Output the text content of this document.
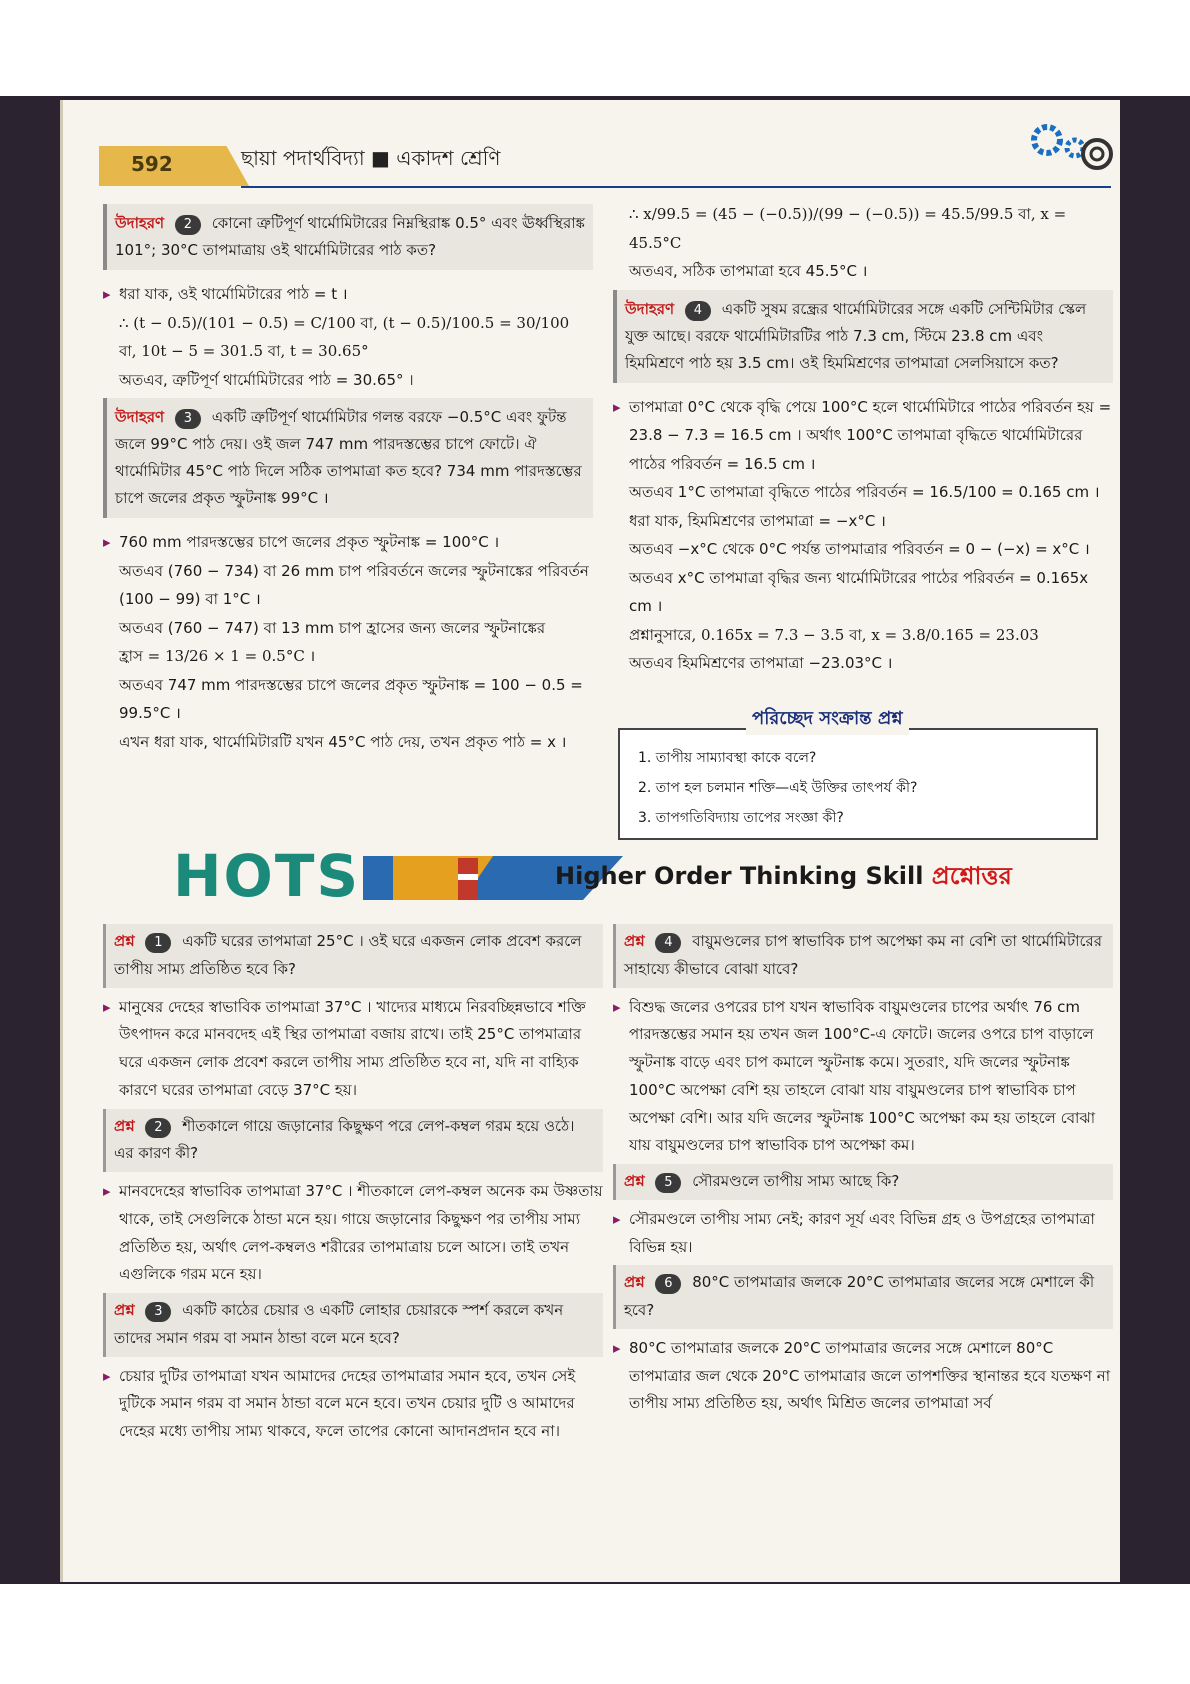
592	ছায়া পদার্থবিদ্যা ■ একাদশ শ্রেণি
উদাহরণ 2 কোনো ত্রুটিপূর্ণ থার্মোমিটারের নিম্নস্থিরাঙ্ক 0.5° এবং ঊর্ধ্বস্থিরাঙ্ক 101°; 30°C তাপমাত্রায় ওই থার্মোমিটারের পাঠ কত?
▸ ধরা যাক, ওই থার্মোমিটারের পাঠ = t ।
∴ (t − 0.5)/(101 − 0.5) = C/100 বা, (t − 0.5)/100.5 = 30/100
বা, 10t − 5 = 301.5 বা, t = 30.65°
অতএব, ত্রুটিপূর্ণ থার্মোমিটারের পাঠ = 30.65° ।
উদাহরণ 3 একটি ত্রুটিপূর্ণ থার্মোমিটার গলন্ত বরফে −0.5°C এবং ফুটন্ত জলে 99°C পাঠ দেয়। ওই জল 747 mm পারদস্তম্ভের চাপে ফোটে। ঐ থার্মোমিটার 45°C পাঠ দিলে সঠিক তাপমাত্রা কত হবে? 734 mm পারদস্তম্ভের চাপে জলের প্রকৃত স্ফুটনাঙ্ক 99°C ।
▸ 760 mm পারদস্তম্ভের চাপে জলের প্রকৃত স্ফুটনাঙ্ক = 100°C ।
অতএব (760 − 734) বা 26 mm চাপ পরিবর্তনে জলের স্ফুটনাঙ্কের পরিবর্তন (100 − 99) বা 1°C ।
অতএব (760 − 747) বা 13 mm চাপ হ্রাসের জন্য জলের স্ফুটনাঙ্কের
হ্রাস = 13/26 × 1 = 0.5°C ।
অতএব 747 mm পারদস্তম্ভের চাপে জলের প্রকৃত স্ফুটনাঙ্ক = 100 − 0.5 = 99.5°C ।
এখন ধরা যাক, থার্মোমিটারটি যখন 45°C পাঠ দেয়, তখন প্রকৃত পাঠ = x ।
∴ x/99.5 = (45 − (−0.5))/(99 − (−0.5)) = 45.5/99.5 বা, x = 45.5°C
অতএব, সঠিক তাপমাত্রা হবে 45.5°C ।
উদাহরণ 4 একটি সুষম রন্ধ্রের থার্মোমিটারের সঙ্গে একটি সেন্টিমিটার স্কেল যুক্ত আছে। বরফে থার্মোমিটারটির পাঠ 7.3 cm, স্টিমে 23.8 cm এবং হিমমিশ্রণে পাঠ হয় 3.5 cm। ওই হিমমিশ্রণের তাপমাত্রা সেলসিয়াসে কত?
▸ তাপমাত্রা 0°C থেকে বৃদ্ধি পেয়ে 100°C হলে থার্মোমিটারে পাঠের পরিবর্তন হয় = 23.8 − 7.3 = 16.5 cm । অর্থাৎ 100°C তাপমাত্রা বৃদ্ধিতে থার্মোমিটারের পাঠের পরিবর্তন = 16.5 cm ।
অতএব 1°C তাপমাত্রা বৃদ্ধিতে পাঠের পরিবর্তন = 16.5/100 = 0.165 cm ।
ধরা যাক, হিমমিশ্রণের তাপমাত্রা = −x°C ।
অতএব −x°C থেকে 0°C পর্যন্ত তাপমাত্রার পরিবর্তন = 0 − (−x) = x°C ।
অতএব x°C তাপমাত্রা বৃদ্ধির জন্য থার্মোমিটারের পাঠের পরিবর্তন = 0.165x cm ।
প্রশ্নানুসারে, 0.165x = 7.3 − 3.5 বা, x = 3.8/0.165 = 23.03
অতএব হিমমিশ্রণের তাপমাত্রা −23.03°C ।
পরিচ্ছেদ সংক্রান্ত প্রশ্ন
1. তাপীয় সাম্যাবস্থা কাকে বলে?
2. তাপ হল চলমান শক্তি—এই উক্তির তাৎপর্য কী?
3. তাপগতিবিদ্যায় তাপের সংজ্ঞা কী?
HOTS	Higher Order Thinking Skill প্রশ্নোত্তর
প্রশ্ন 1 একটি ঘরের তাপমাত্রা 25°C । ওই ঘরে একজন লোক প্রবেশ করলে তাপীয় সাম্য প্রতিষ্ঠিত হবে কি?
▸ মানুষের দেহের স্বাভাবিক তাপমাত্রা 37°C । খাদ্যের মাধ্যমে নিরবচ্ছিন্নভাবে শক্তি উৎপাদন করে মানবদেহ এই স্থির তাপমাত্রা বজায় রাখে। তাই 25°C তাপমাত্রার ঘরে একজন লোক প্রবেশ করলে তাপীয় সাম্য প্রতিষ্ঠিত হবে না, যদি না বাহ্যিক কারণে ঘরের তাপমাত্রা বেড়ে 37°C হয়।
প্রশ্ন 2 শীতকালে গায়ে জড়ানোর কিছুক্ষণ পরে লেপ-কম্বল গরম হয়ে ওঠে। এর কারণ কী?
▸ মানবদেহের স্বাভাবিক তাপমাত্রা 37°C । শীতকালে লেপ-কম্বল অনেক কম উষ্ণতায় থাকে, তাই সেগুলিকে ঠান্ডা মনে হয়। গায়ে জড়ানোর কিছুক্ষণ পর তাপীয় সাম্য প্রতিষ্ঠিত হয়, অর্থাৎ লেপ-কম্বলও শরীরের তাপমাত্রায় চলে আসে। তাই তখন এগুলিকে গরম মনে হয়।
প্রশ্ন 3 একটি কাঠের চেয়ার ও একটি লোহার চেয়ারকে স্পর্শ করলে কখন তাদের সমান গরম বা সমান ঠান্ডা বলে মনে হবে?
▸ চেয়ার দুটির তাপমাত্রা যখন আমাদের দেহের তাপমাত্রার সমান হবে, তখন সেই দুটিকে সমান গরম বা সমান ঠান্ডা বলে মনে হবে। তখন চেয়ার দুটি ও আমাদের দেহের মধ্যে তাপীয় সাম্য থাকবে, ফলে তাপের কোনো আদানপ্রদান হবে না।
প্রশ্ন 4 বায়ুমণ্ডলের চাপ স্বাভাবিক চাপ অপেক্ষা কম না বেশি তা থার্মোমিটারের সাহায্যে কীভাবে বোঝা যাবে?
▸ বিশুদ্ধ জলের ওপরের চাপ যখন স্বাভাবিক বায়ুমণ্ডলের চাপের অর্থাৎ 76 cm পারদস্তম্ভের সমান হয় তখন জল 100°C-এ ফোটে। জলের ওপরে চাপ বাড়ালে স্ফুটনাঙ্ক বাড়ে এবং চাপ কমালে স্ফুটনাঙ্ক কমে। সুতরাং, যদি জলের স্ফুটনাঙ্ক 100°C অপেক্ষা বেশি হয় তাহলে বোঝা যায় বায়ুমণ্ডলের চাপ স্বাভাবিক চাপ অপেক্ষা বেশি। আর যদি জলের স্ফুটনাঙ্ক 100°C অপেক্ষা কম হয় তাহলে বোঝা যায় বায়ুমণ্ডলের চাপ স্বাভাবিক চাপ অপেক্ষা কম।
প্রশ্ন 5 সৌরমণ্ডলে তাপীয় সাম্য আছে কি?
▸ সৌরমণ্ডলে তাপীয় সাম্য নেই; কারণ সূর্য এবং বিভিন্ন গ্রহ ও উপগ্রহের তাপমাত্রা বিভিন্ন হয়।
প্রশ্ন 6 80°C তাপমাত্রার জলকে 20°C তাপমাত্রার জলের সঙ্গে মেশালে কী হবে?
▸ 80°C তাপমাত্রার জলকে 20°C তাপমাত্রার জলের সঙ্গে মেশালে 80°C তাপমাত্রার জল থেকে 20°C তাপমাত্রার জলে তাপশক্তির স্থানান্তর হবে যতক্ষণ না তাপীয় সাম্য প্রতিষ্ঠিত হয়, অর্থাৎ মিশ্রিত জলের তাপমাত্রা সর্ব
